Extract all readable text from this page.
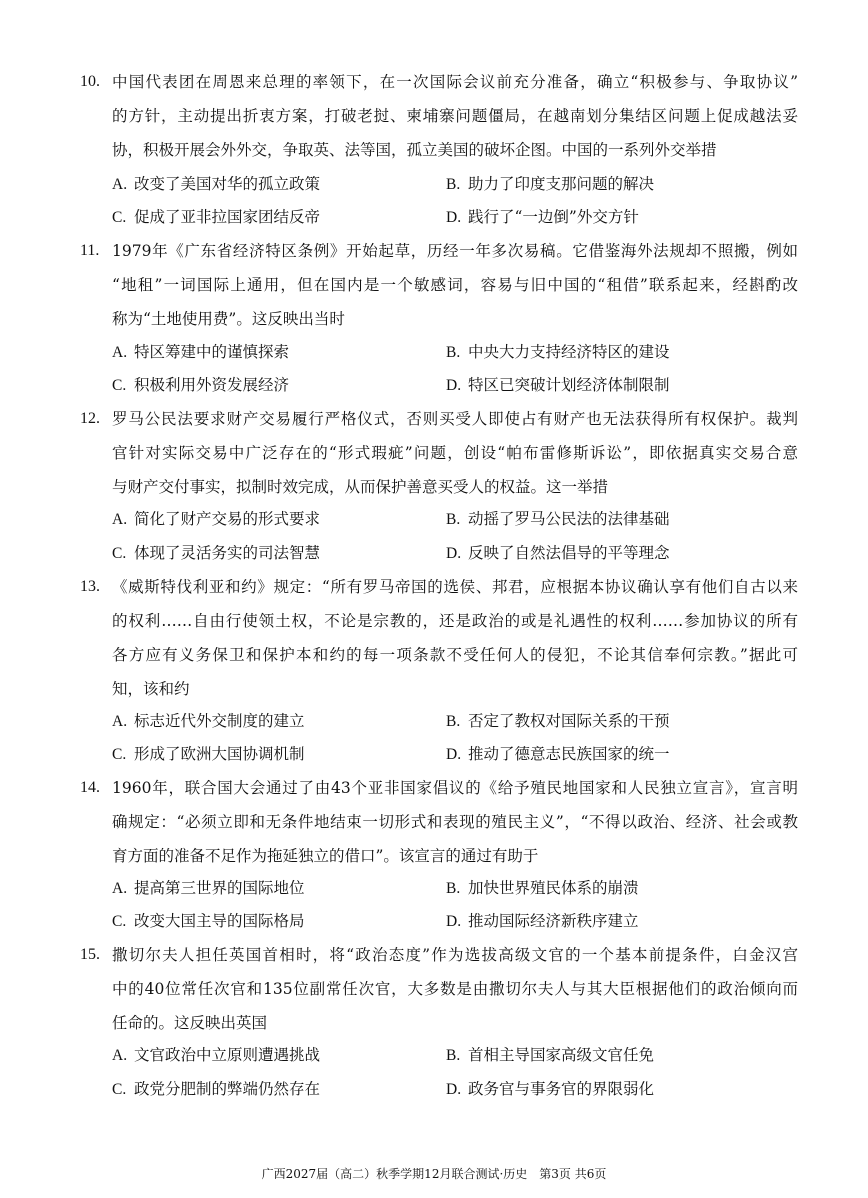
10. 中国代表团在周恩来总理的率领下，在一次国际会议前充分准备，确立“积极参与、争取协议”
的方针，主动提出折衷方案，打破老挝、柬埔寨问题僵局，在越南划分集结区问题上促成越法妥
协，积极开展会外外交，争取英、法等国，孤立美国的破坏企图。中国的一系列外交举措
A. 改变了美国对华的孤立政策	B. 助力了印度支那问题的解决
C. 促成了亚非拉国家团结反帝	D. 践行了“一边倒”外交方针
11. 1979年《广东省经济特区条例》开始起草，历经一年多次易稿。它借鉴海外法规却不照搬，例如
“地租”一词国际上通用，但在国内是一个敏感词，容易与旧中国的“租借”联系起来，经斟酌改
称为“土地使用费”。这反映出当时
A. 特区筹建中的谨慎探索	B. 中央大力支持经济特区的建设
C. 积极利用外资发展经济	D. 特区已突破计划经济体制限制
12. 罗马公民法要求财产交易履行严格仪式，否则买受人即使占有财产也无法获得所有权保护。裁判
官针对实际交易中广泛存在的“形式瑕疵”问题，创设“帕布雷修斯诉讼”，即依据真实交易合意
与财产交付事实，拟制时效完成，从而保护善意买受人的权益。这一举措
A. 简化了财产交易的形式要求	B. 动摇了罗马公民法的法律基础
C. 体现了灵活务实的司法智慧	D. 反映了自然法倡导的平等理念
13. 《威斯特伐利亚和约》规定：“所有罗马帝国的选侯、邦君，应根据本协议确认享有他们自古以来
的权利……自由行使领土权，不论是宗教的，还是政治的或是礼遇性的权利……参加协议的所有
各方应有义务保卫和保护本和约的每一项条款不受任何人的侵犯，不论其信奉何宗教。”据此可
知，该和约
A. 标志近代外交制度的建立	B. 否定了教权对国际关系的干预
C. 形成了欧洲大国协调机制	D. 推动了德意志民族国家的统一
14. 1960年，联合国大会通过了由43个亚非国家倡议的《给予殖民地国家和人民独立宣言》，宣言明
确规定：“必须立即和无条件地结束一切形式和表现的殖民主义”，“不得以政治、经济、社会或教
育方面的准备不足作为拖延独立的借口”。该宣言的通过有助于
A. 提高第三世界的国际地位	B. 加快世界殖民体系的崩溃
C. 改变大国主导的国际格局	D. 推动国际经济新秩序建立
15. 撒切尔夫人担任英国首相时，将“政治态度”作为选拔高级文官的一个基本前提条件，白金汉宫
中的40位常任次官和135位副常任次官，大多数是由撒切尔夫人与其大臣根据他们的政治倾向而
任命的。这反映出英国
A. 文官政治中立原则遭遇挑战	B. 首相主导国家高级文官任免
C. 政党分肥制的弊端仍然存在	D. 政务官与事务官的界限弱化
广西2027届（高二）秋季学期12月联合测试·历史　第3页 共6页
